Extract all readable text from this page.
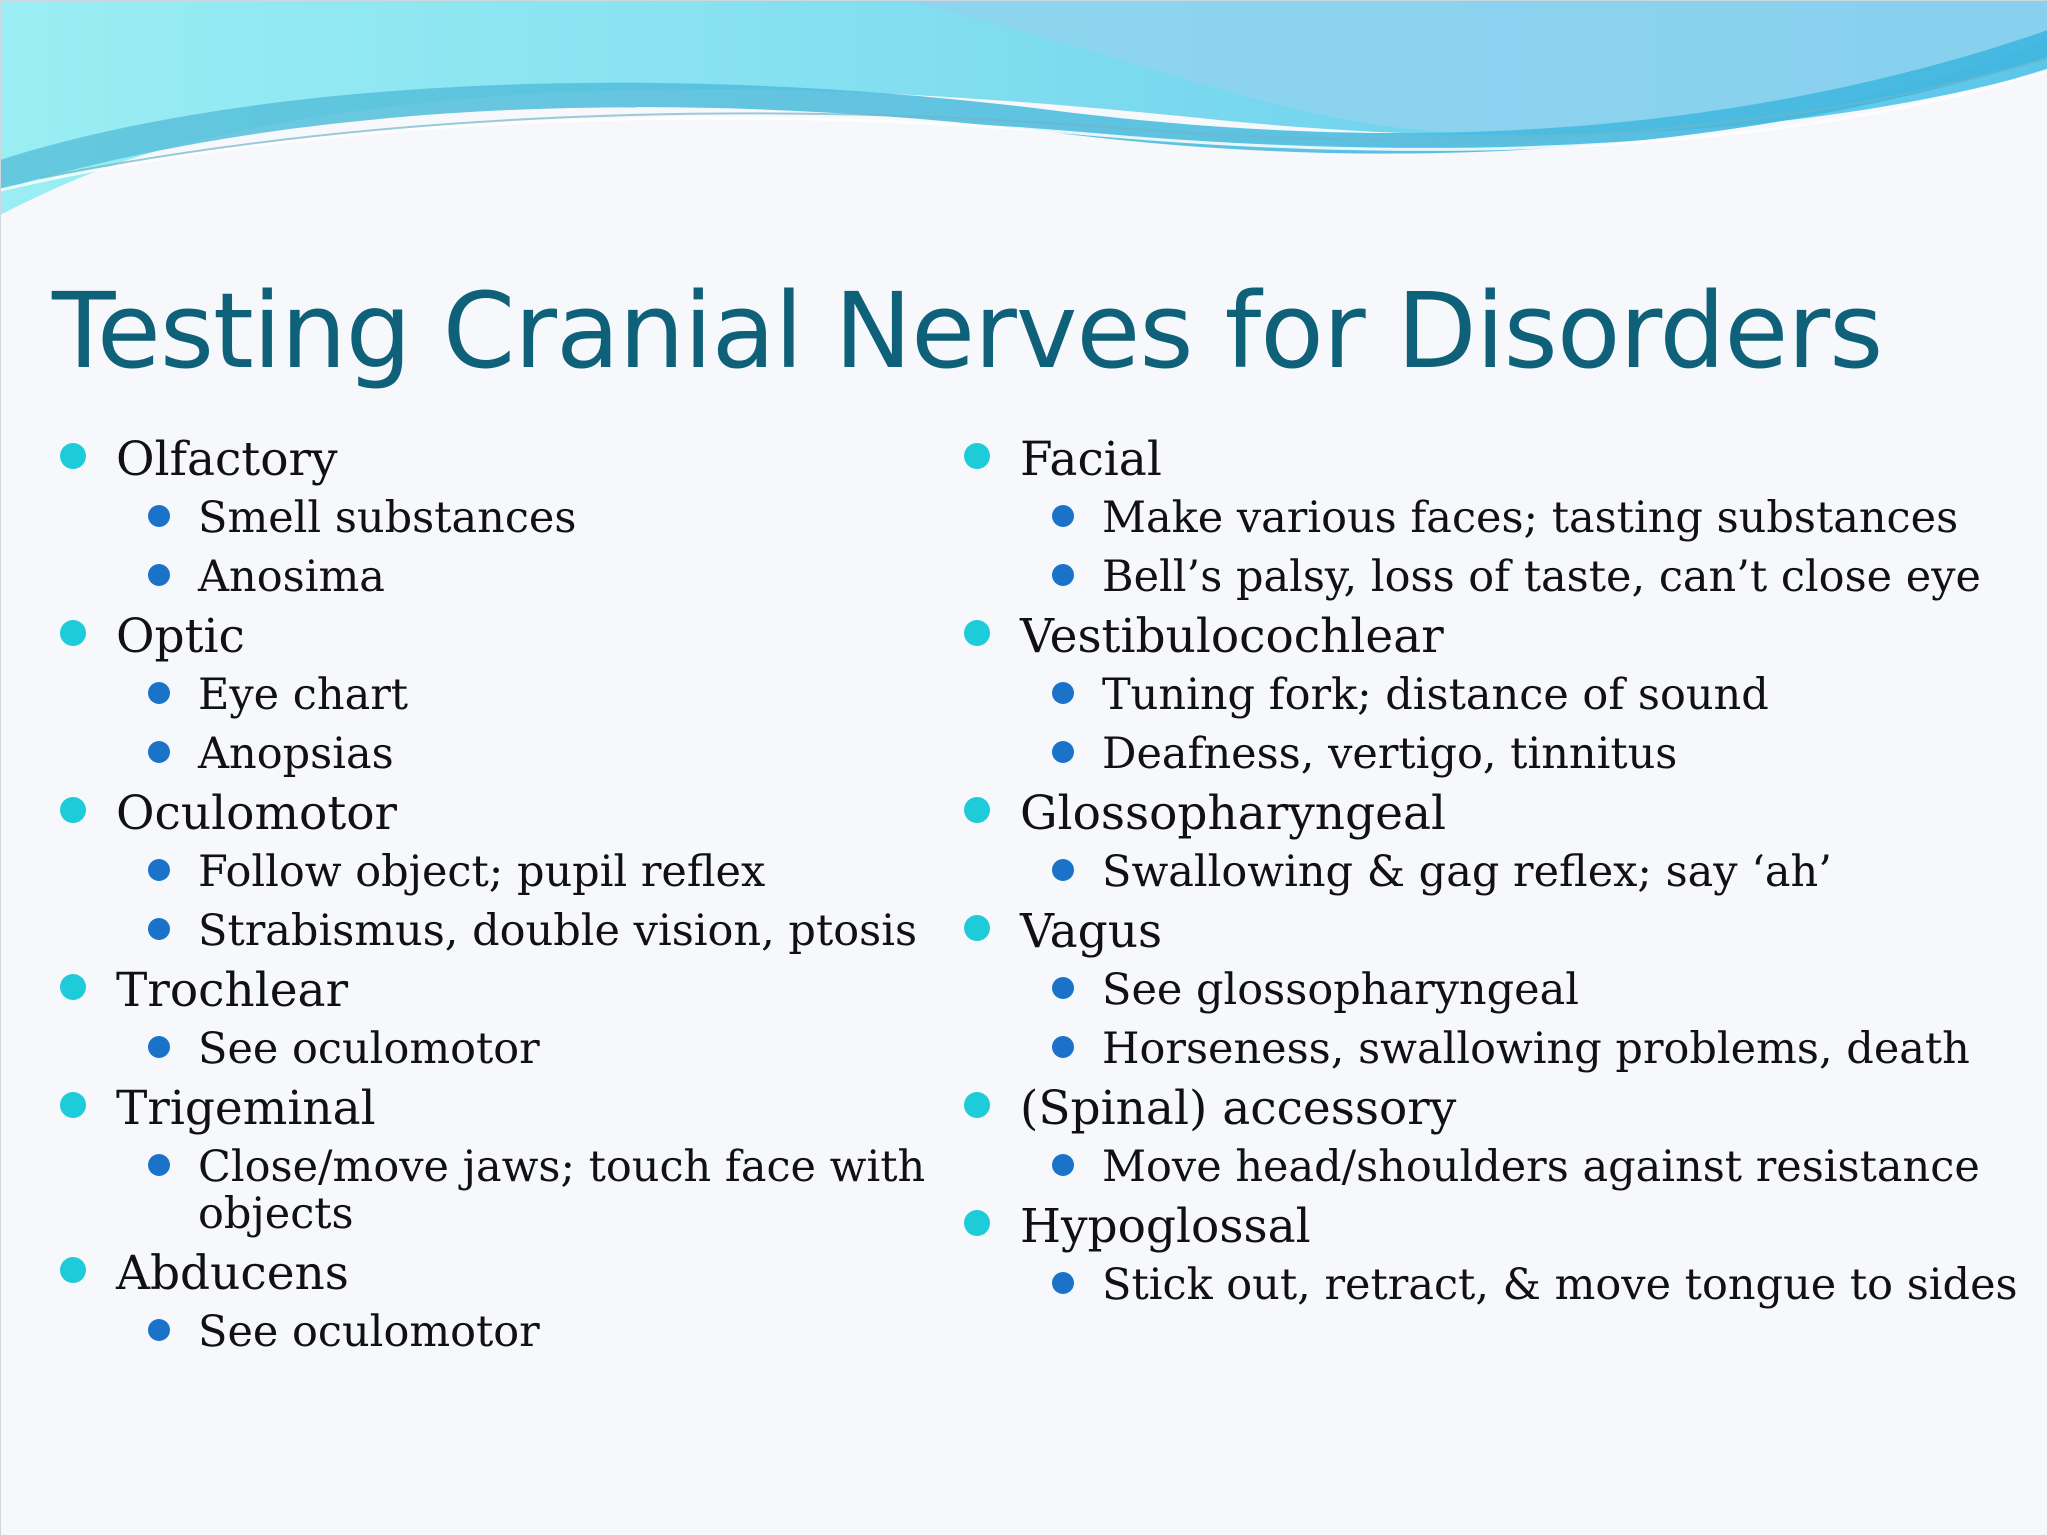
Testing Cranial Nerves for Disorders
Olfactory
Smell substances
Anosima
Optic
Eye chart
Anopsias
Oculomotor
Follow object; pupil reflex
Strabismus, double vision, ptosis
Trochlear
See oculomotor
Trigeminal
Close/move jaws; touch face with objects
Abducens
See oculomotor
Facial
Make various faces; tasting substances
Bell’s palsy, loss of taste, can’t close eye
Vestibulocochlear
Tuning fork; distance of sound
Deafness, vertigo, tinnitus
Glossopharyngeal
Swallowing & gag reflex; say ‘ah’
Vagus
See glossopharyngeal
Horseness, swallowing problems, death
(Spinal) accessory
Move head/shoulders against resistance
Hypoglossal
Stick out, retract, & move tongue to sides
